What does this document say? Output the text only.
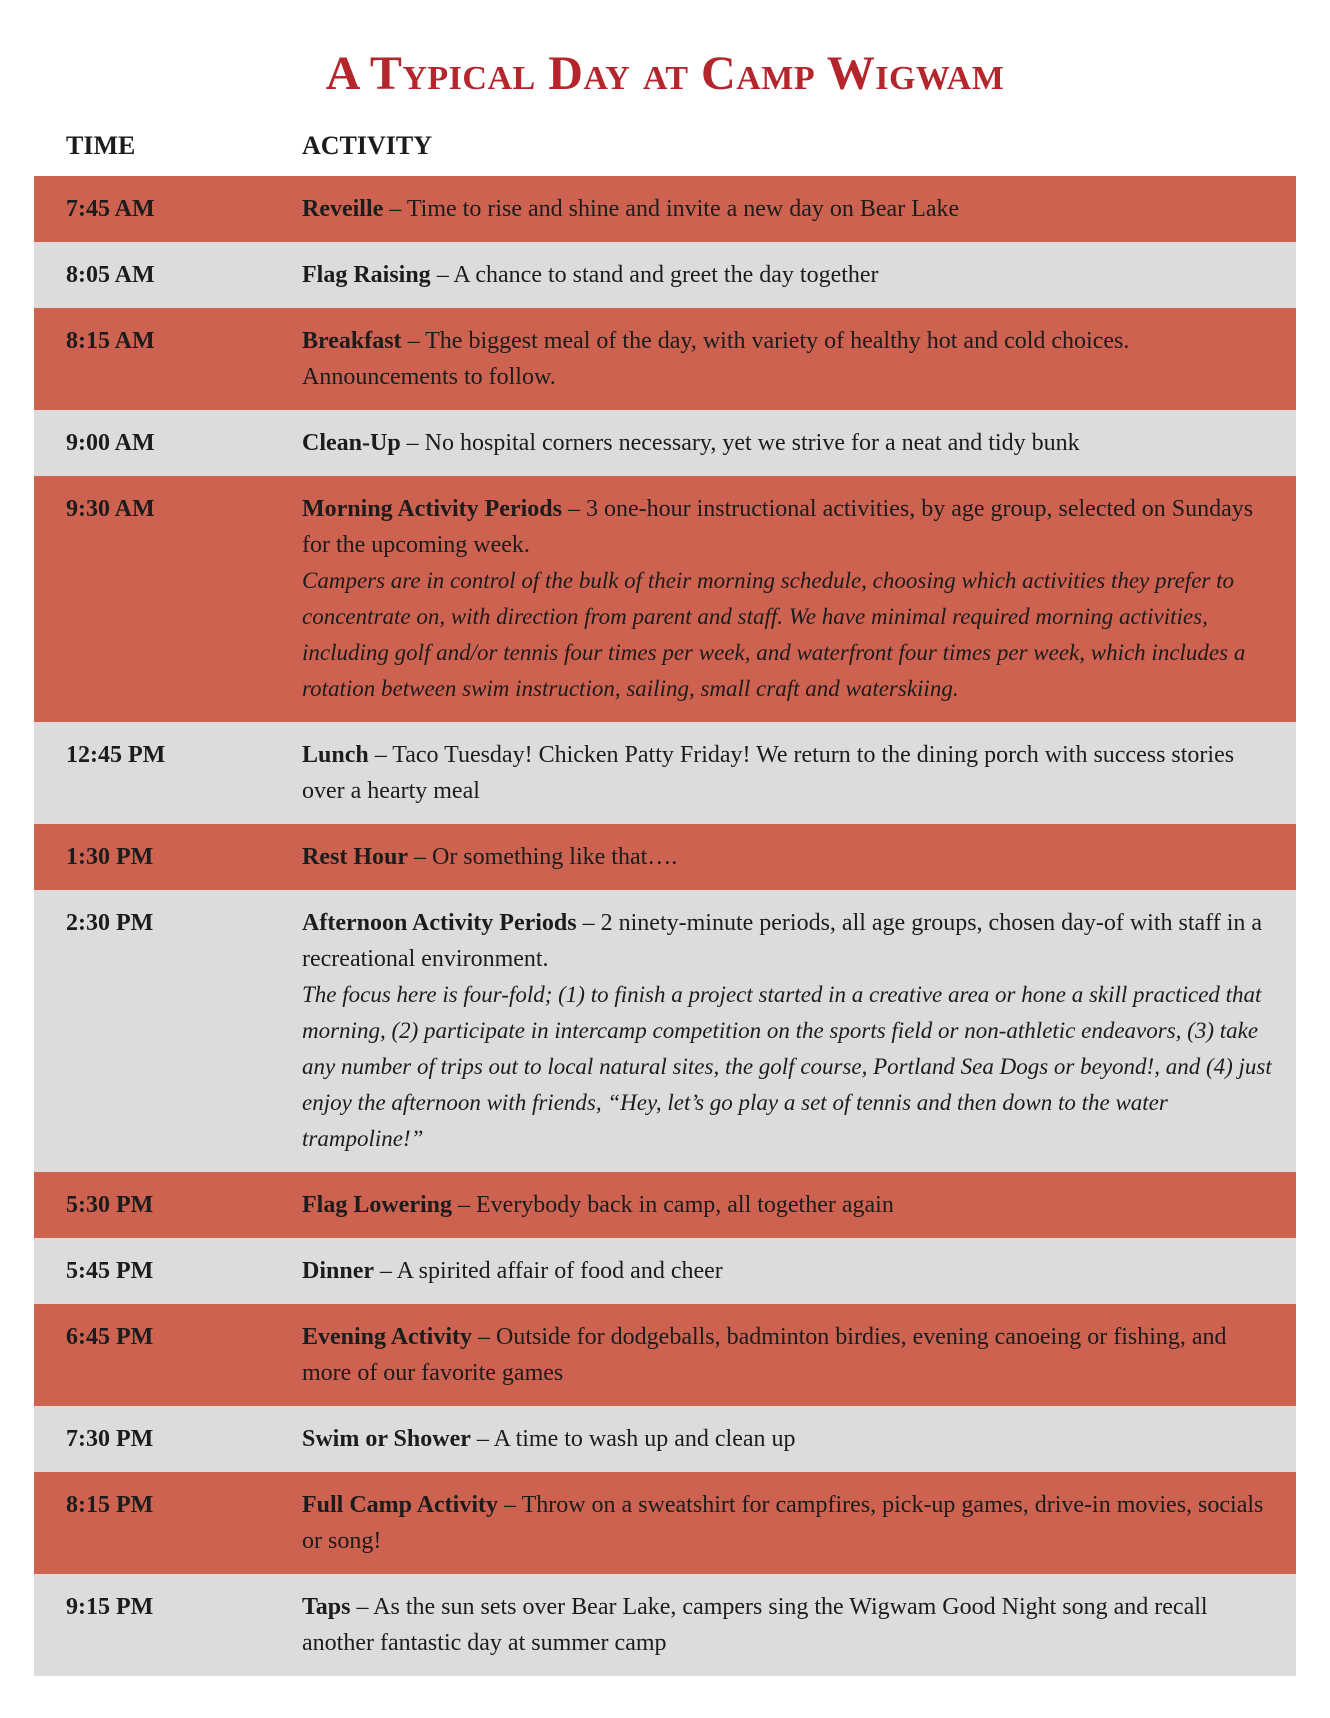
A Typical Day at Camp Wigwam
TIME	ACTIVITY
7:45 AM	Reveille – Time to rise and shine and invite a new day on Bear Lake
8:05 AM	Flag Raising – A chance to stand and greet the day together
8:15 AM	Breakfast – The biggest meal of the day, with variety of healthy hot and cold choices. Announcements to follow.
9:00 AM	Clean-Up – No hospital corners necessary, yet we strive for a neat and tidy bunk
9:30 AM	Morning Activity Periods – 3 one-hour instructional activities, by age group, selected on Sundays for the upcoming week.
Campers are in control of the bulk of their morning schedule, choosing which activities they prefer to concentrate on, with direction from parent and staff. We have minimal required morning activities, including golf and/or tennis four times per week, and waterfront four times per week, which includes a rotation between swim instruction, sailing, small craft and waterskiing.
12:45 PM	Lunch – Taco Tuesday! Chicken Patty Friday! We return to the dining porch with success stories over a hearty meal
1:30 PM	Rest Hour – Or something like that….
2:30 PM	Afternoon Activity Periods – 2 ninety-minute periods, all age groups, chosen day-of with staff in a recreational environment.
The focus here is four-fold; (1) to finish a project started in a creative area or hone a skill practiced that morning, (2) participate in intercamp competition on the sports field or non-athletic endeavors, (3) take any number of trips out to local natural sites, the golf course, Portland Sea Dogs or beyond!, and (4) just enjoy the afternoon with friends, “Hey, let’s go play a set of tennis and then down to the water trampoline!”
5:30 PM	Flag Lowering – Everybody back in camp, all together again
5:45 PM	Dinner – A spirited affair of food and cheer
6:45 PM	Evening Activity – Outside for dodgeballs, badminton birdies, evening canoeing or fishing, and more of our favorite games
7:30 PM	Swim or Shower – A time to wash up and clean up
8:15 PM	Full Camp Activity – Throw on a sweatshirt for campfires, pick-up games, drive-in movies, socials or song!
9:15 PM	Taps – As the sun sets over Bear Lake, campers sing the Wigwam Good Night song and recall another fantastic day at summer camp
